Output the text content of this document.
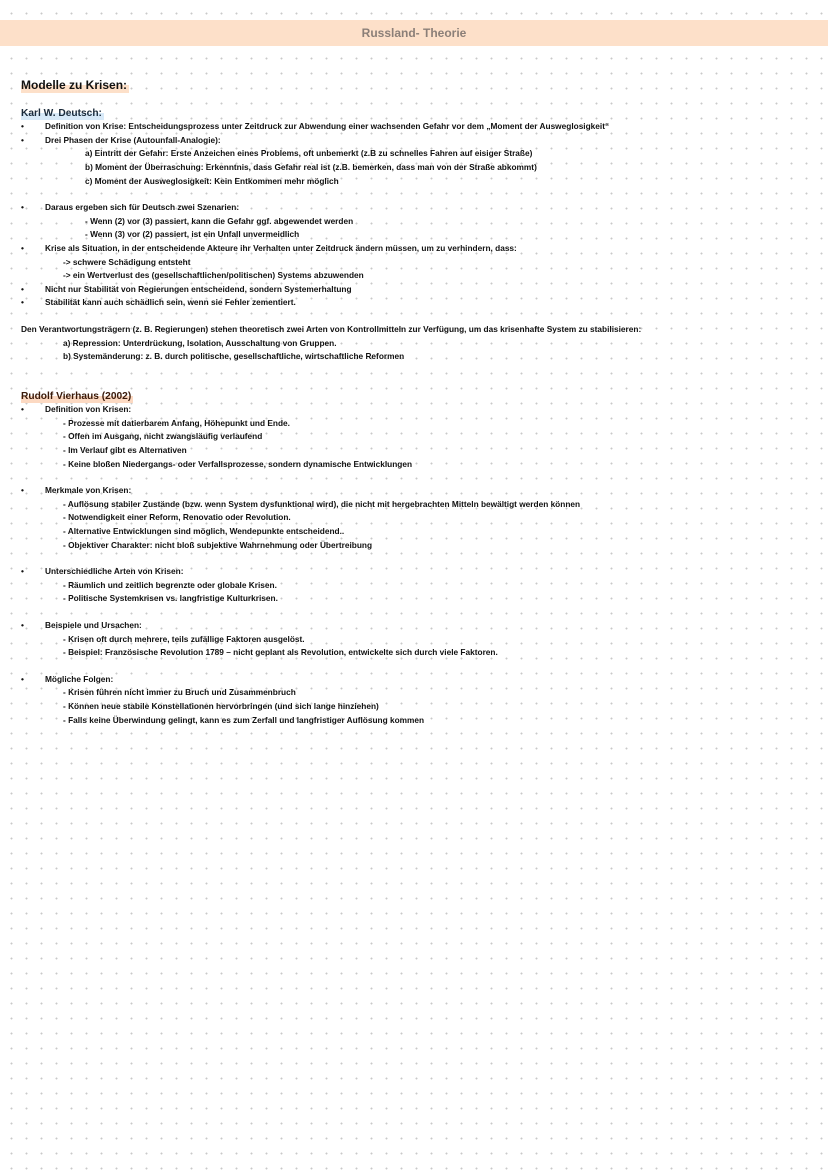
Russland- Theorie
Modelle zu Krisen:
Karl W. Deutsch:
• Definition von Krise: Entscheidungsprozess unter Zeitdruck zur Abwendung einer wachsenden Gefahr vor dem „Moment der Ausweglosigkeit“
• Drei Phasen der Krise (Autounfall-Analogie):
a) Eintritt der Gefahr: Erste Anzeichen eines Problems, oft unbemerkt (z.B zu schnelles Fahren auf eisiger Straße)
b) Moment der Überraschung: Erkenntnis, dass Gefahr real ist (z.B. bemerken, dass man von der Straße abkommt)
c) Moment der Ausweglosigkeit: Kein Entkommen mehr möglich
• Daraus ergeben sich für Deutsch zwei Szenarien:
- Wenn (2) vor (3) passiert, kann die Gefahr ggf. abgewendet werden
- Wenn (3) vor (2) passiert, ist ein Unfall unvermeidlich
• Krise als Situation, in der entscheidende Akteure ihr Verhalten unter Zeitdruck ändern müssen, um zu verhindern, dass:
-> schwere Schädigung entsteht
-> ein Wertverlust des (gesellschaftlichen/politischen) Systems abzuwenden
• Nicht nur Stabilität von Regierungen entscheidend, sondern Systemerhaltung
• Stabilität kann auch schädlich sein, wenn sie Fehler zementiert.
Den Verantwortungsträgern (z. B. Regierungen) stehen theoretisch zwei Arten von Kontrollmitteln zur Verfügung, um das krisenhafte System zu stabilisieren:
a) Repression: Unterdrückung, Isolation, Ausschaltung von Gruppen.
b) Systemänderung: z. B. durch politische, gesellschaftliche, wirtschaftliche Reformen
Rudolf Vierhaus (2002)
• Definition von Krisen:
- Prozesse mit datierbarem Anfang, Höhepunkt und Ende.
- Offen im Ausgang, nicht zwangsläufig verlaufend
- Im Verlauf gibt es Alternativen
- Keine bloßen Niedergangs- oder Verfallsprozesse, sondern dynamische Entwicklungen
• Merkmale von Krisen:
- Auflösung stabiler Zustände (bzw. wenn System dysfunktional wird), die nicht mit hergebrachten Mitteln bewältigt werden können
- Notwendigkeit einer Reform, Renovatio oder Revolution.
- Alternative Entwicklungen sind möglich, Wendepunkte entscheidend..
- Objektiver Charakter: nicht bloß subjektive Wahrnehmung oder Übertreibung
• Unterschiedliche Arten von Krisen:
- Räumlich und zeitlich begrenzte oder globale Krisen.
- Politische Systemkrisen vs. langfristige Kulturkrisen.
• Beispiele und Ursachen:
- Krisen oft durch mehrere, teils zufällige Faktoren ausgelöst.
- Beispiel: Französische Revolution 1789 – nicht geplant als Revolution, entwickelte sich durch viele Faktoren.
• Mögliche Folgen:
- Krisen führen nicht immer zu Bruch und Zusammenbruch
- Können neue stabile Konstellationen hervorbringen (und sich lange hinziehen)
- Falls keine Überwindung gelingt, kann es zum Zerfall und langfristiger Auflösung kommen
